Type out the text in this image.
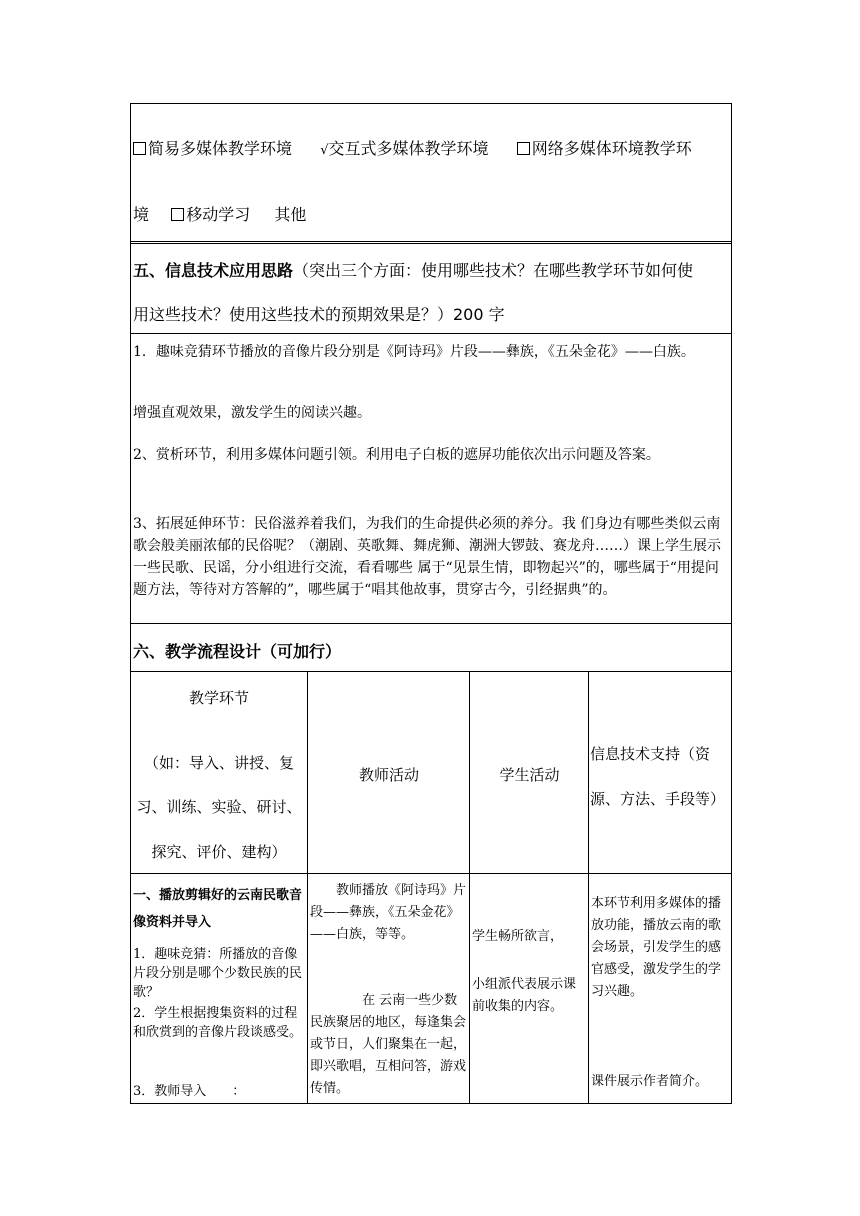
简易多媒体教学环境 √交互式多媒体教学环境	网络多媒体环境教学环
境 移动学习 其他
五、信息技术应用思路（突出三个方面：使用哪些技术？在哪些教学环节如何使
用这些技术？使用这些技术的预期效果是？）200 字
1．趣味竞猜环节播放的音像片段分别是《阿诗玛》片段——彝族，《五朵金花》——白族。
增强直观效果，激发学生的阅读兴趣。
2、赏析环节，利用多媒体问题引领。利用电子白板的遮屏功能依次出示问题及答案。
3、拓展延伸环节：民俗滋养着我们，为我们的生命提供必须的养分。我 们身边有哪些类似云南歌会般美丽浓郁的民俗呢？（潮剧、英歌舞、舞虎狮、潮洲大锣鼓、赛龙舟……）课上学生展示一些民歌、民谣，分小组进行交流，看看哪些 属于“见景生情，即物起兴”的，哪些属于“用提问题方法，等待对方答解的”，哪些属于“唱其他故事，贯穿古今，引经据典”的。
六、教学流程设计（可加行）
教学环节
（如：导入、讲授、复
习、训练、实验、研讨、
探究、评价、建构）
教师活动	学生活动
信息技术支持（资
源、方法、手段等）
一、播放剪辑好的云南民歌音像资料并导入
1．趣味竞猜：所播放的音像片段分别是哪个少数民族的民歌？
2．学生根据搜集资料的过程和欣赏到的音像片段谈感受。
3．教师导入　　：
教师播放《阿诗玛》片段——彝族，《五朵金花》——白族，等等。
在 云南一些少数民族聚居的地区，每逢集会或节日，人们聚集在一起，即兴歌唱，互相问答，游戏传情。
学生畅所欲言，
小组派代表展示课前收集的内容。
本环节利用多媒体的播放功能，播放云南的歌会场景，引发学生的感官感受，激发学生的学习兴趣。
课件展示作者简介。
